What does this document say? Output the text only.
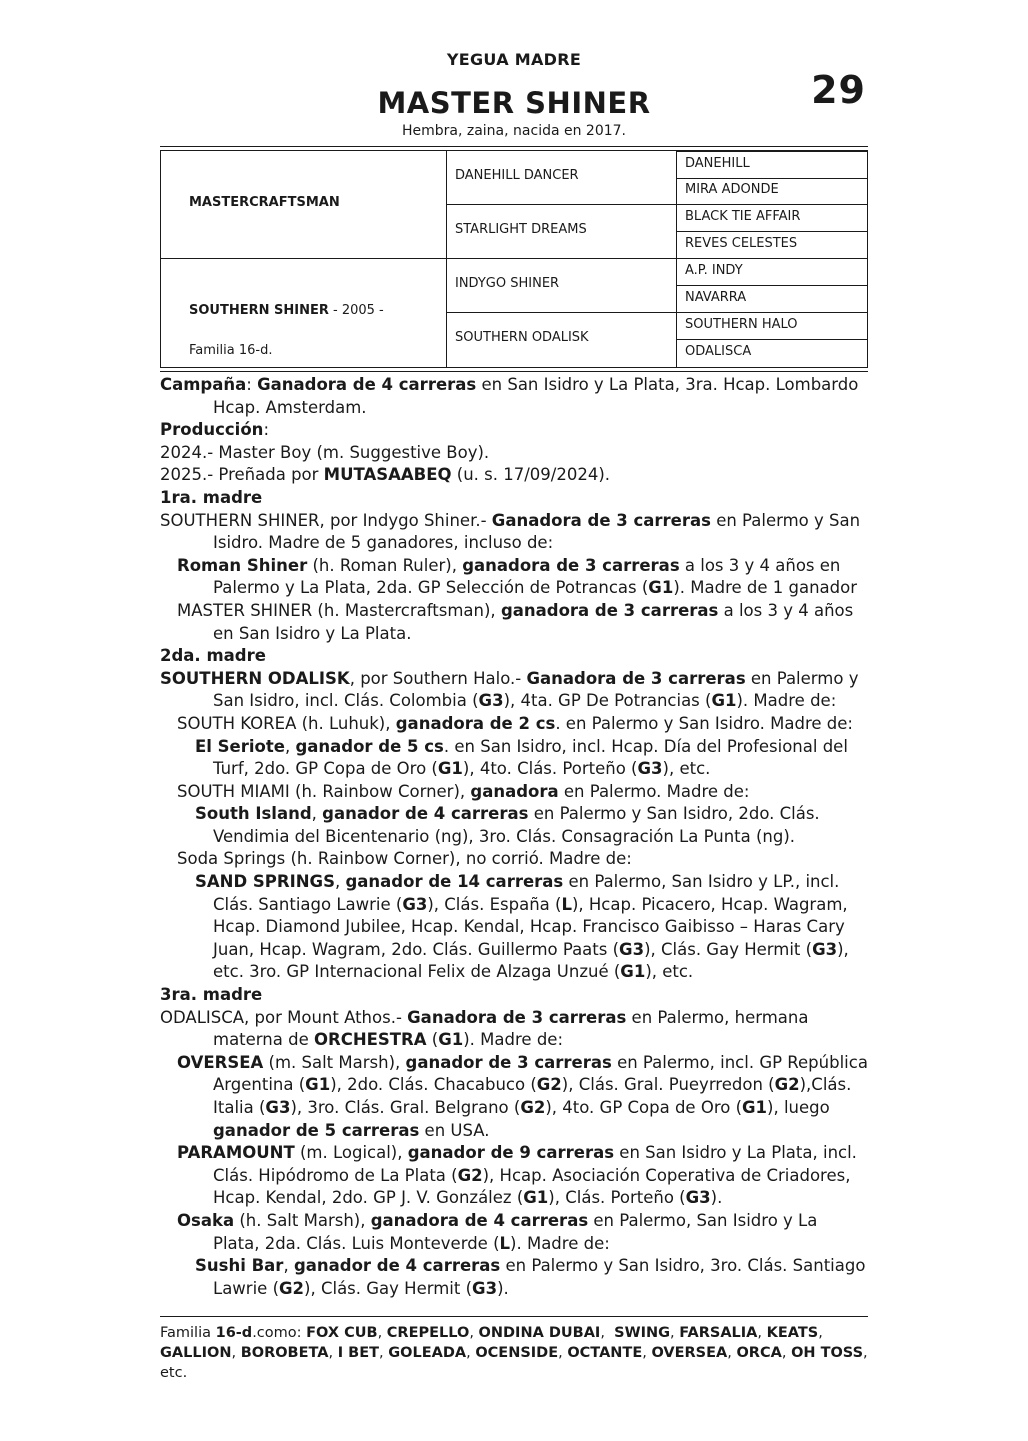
YEGUA MADRE
29
MASTER SHINER
Hembra, zaina, nacida en 2017.
MASTERCRAFTSMAN
SOUTHERN SHINER - 2005 -
Familia 16-d.
DANEHILL DANCER
STARLIGHT DREAMS
INDYGO SHINER
SOUTHERN ODALISK
DANEHILL
MIRA ADONDE
BLACK TIE AFFAIR
REVES CELESTES
A.P. INDY
NAVARRA
SOUTHERN HALO
ODALISCA

Campaña: Ganadora de 4 carreras en San Isidro y La Plata, 3ra. Hcap. Lombardo Hcap. Amsterdam.

Producción:

2024.- Master Boy (m. Suggestive Boy).

2025.- Preñada por MUTASAABEQ (u. s. 17/09/2024).

1ra. madre

SOUTHERN SHINER, por Indygo Shiner.- Ganadora de 3 carreras en Palermo y San Isidro. Madre de 5 ganadores, incluso de:

Roman Shiner (h. Roman Ruler), ganadora de 3 carreras a los 3 y 4 años en Palermo y La Plata, 2da. GP Selección de Potrancas (G1). Madre de 1 ganador

MASTER SHINER (h. Mastercraftsman), ganadora de 3 carreras a los 3 y 4 años en San Isidro y La Plata.

2da. madre

SOUTHERN ODALISK, por Southern Halo.- Ganadora de 3 carreras en Palermo y San Isidro, incl. Clás. Colombia (G3), 4ta. GP De Potrancias (G1). Madre de:

SOUTH KOREA (h. Luhuk), ganadora de 2 cs. en Palermo y San Isidro. Madre de:

El Seriote, ganador de 5 cs. en San Isidro, incl. Hcap. Día del Profesional del Turf, 2do. GP Copa de Oro (G1), 4to. Clás. Porteño (G3), etc.

SOUTH MIAMI (h. Rainbow Corner), ganadora en Palermo. Madre de:

South Island, ganador de 4 carreras en Palermo y San Isidro, 2do. Clás. Vendimia del Bicentenario (ng), 3ro. Clás. Consagración La Punta (ng).

Soda Springs (h. Rainbow Corner), no corrió. Madre de:

SAND SPRINGS, ganador de 14 carreras en Palermo, San Isidro y LP., incl. Clás. Santiago Lawrie (G3), Clás. España (L), Hcap. Picacero, Hcap. Wagram, Hcap. Diamond Jubilee, Hcap. Kendal, Hcap. Francisco Gaibisso – Haras Cary Juan, Hcap. Wagram, 2do. Clás. Guillermo Paats (G3), Clás. Gay Hermit (G3), etc. 3ro. GP Internacional Felix de Alzaga Unzué (G1), etc.

3ra. madre

ODALISCA, por Mount Athos.- Ganadora de 3 carreras en Palermo, hermana materna de ORCHESTRA (G1). Madre de:

OVERSEA (m. Salt Marsh), ganador de 3 carreras en Palermo, incl. GP República Argentina (G1), 2do. Clás. Chacabuco (G2), Clás. Gral. Pueyrredon (G2),Clás. Italia (G3), 3ro. Clás. Gral. Belgrano (G2), 4to. GP Copa de Oro (G1), luego ganador de 5 carreras en USA.

PARAMOUNT (m. Logical), ganador de 9 carreras en San Isidro y La Plata, incl. Clás. Hipódromo de La Plata (G2), Hcap. Asociación Coperativa de Criadores, Hcap. Kendal, 2do. GP J. V. González (G1), Clás. Porteño (G3).

Osaka (h. Salt Marsh), ganadora de 4 carreras en Palermo, San Isidro y La Plata, 2da. Clás. Luis Monteverde (L). Madre de:

Sushi Bar, ganador de 4 carreras en Palermo y San Isidro, 3ro. Clás. Santiago Lawrie (G2), Clás. Gay Hermit (G3).

Familia 16-d.como: FOX CUB, CREPELLO, ONDINA DUBAI,  SWING, FARSALIA, KEATS, GALLION, BOROBETA, I BET, GOLEADA, OCENSIDE, OCTANTE, OVERSEA, ORCA, OH TOSS, etc.
